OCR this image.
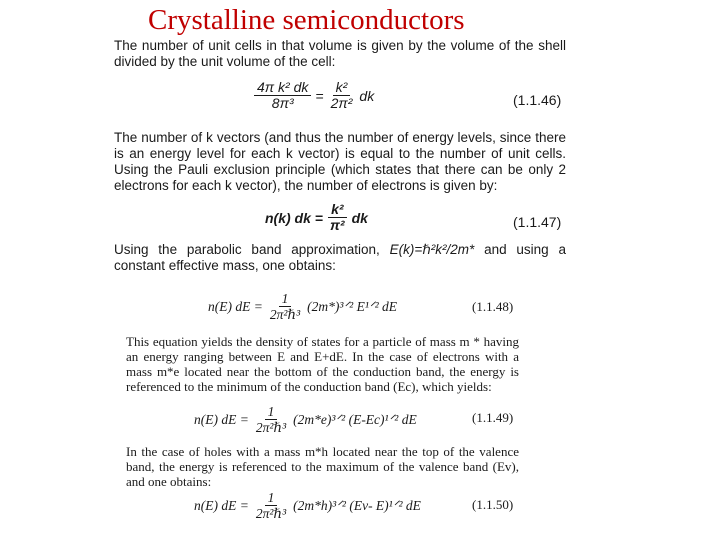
Crystalline semiconductors
The number of unit cells in that volume is given by the volume of the shell divided by the unit volume of the cell:
$\frac{\text{4π k² dk}}{\text{8π³}} = \frac{\text{k²}}{\text{2π²}}$ dk	(1.1.46)
The number of k vectors (and thus the number of energy levels, since there is an energy level for each k vector) is equal to the number of unit cells. Using the Pauli exclusion principle (which states that there can be only 2 electrons for each k vector), the number of electrons is given by:
n(k) dk = $\frac{\text{k²}}{\text{π²}}$ dk	(1.1.47)
Using the parabolic band approximation, E(k)=ℏ²k²/2m* and using a constant effective mass, one obtains:
n(E) dE = $\frac{1}{\text{2π²ℏ³}}$ (2m*)³ᐟ² E¹ᐟ² dE	(1.1.48)
This equation yields the density of states for a particle of mass m * having an energy ranging between E and E+dE. In the case of electrons with a mass m*e located near the bottom of the conduction band, the energy is referenced to the minimum of the conduction band (Ec), which yields:
n(E) dE = $\frac{1}{\text{2π²ℏ³}}$ (2m*e)³ᐟ² (E-Ec)¹ᐟ² dE	(1.1.49)
In the case of holes with a mass m*h located near the top of the valence band, the energy is referenced to the maximum of the valence band (Ev), and one obtains:
n(E) dE = $\frac{1}{\text{2π²ℏ³}}$ (2m*h)³ᐟ² (Ev- E)¹ᐟ² dE	(1.1.50)
